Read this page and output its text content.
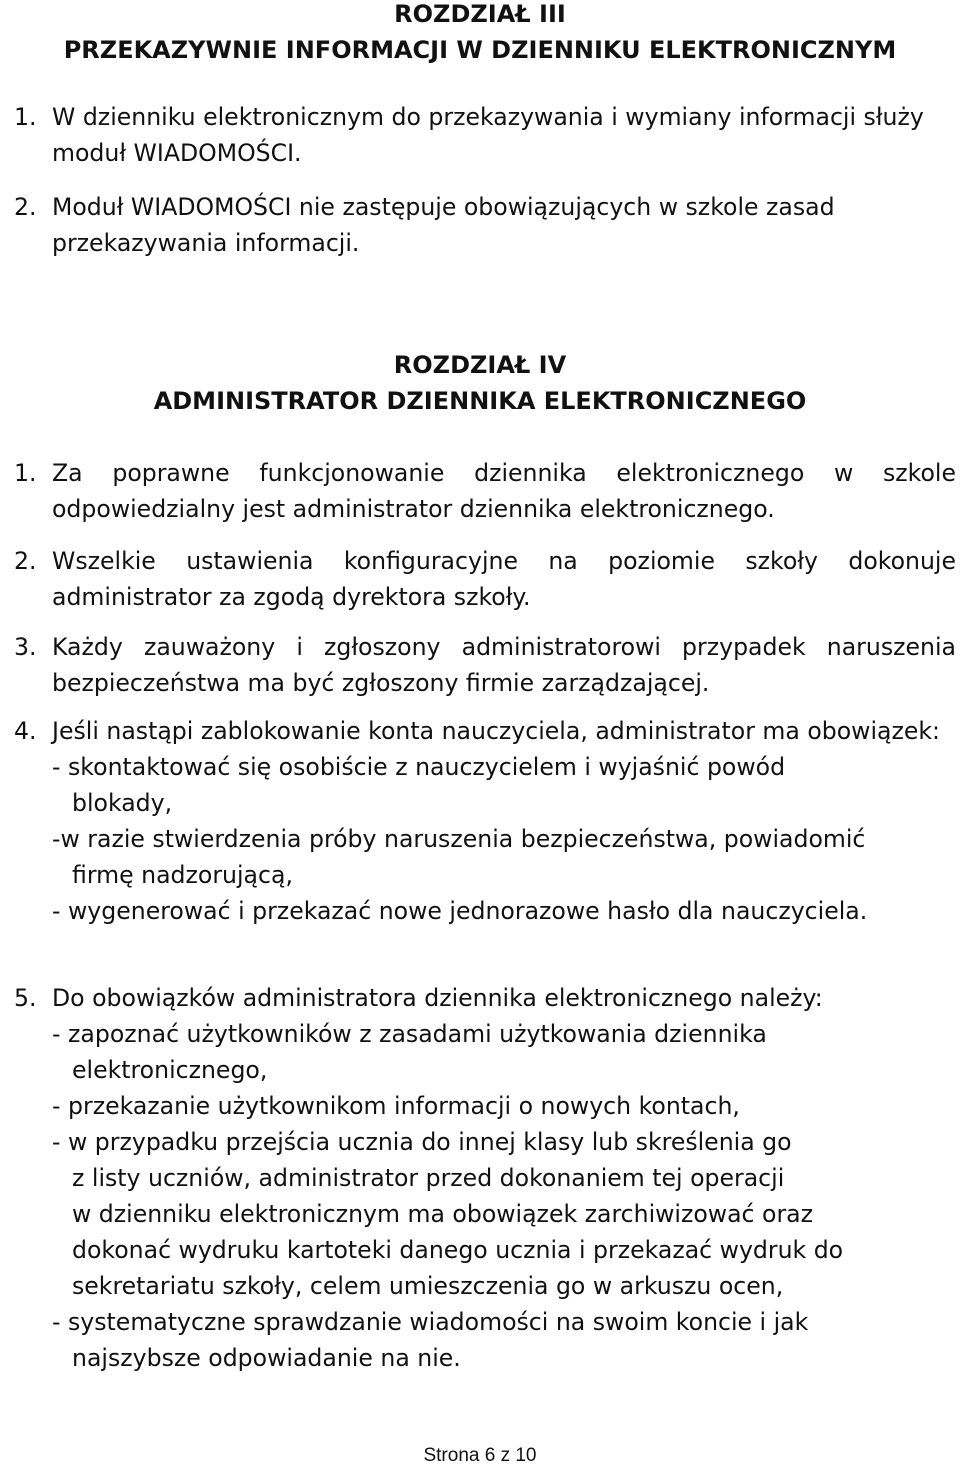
ROZDZIAŁ III
PRZEKAZYWNIE INFORMACJI W DZIENNIKU ELEKTRONICZNYM
1. W dzienniku elektronicznym do przekazywania i wymiany informacji służy moduł WIADOMOŚCI.
2. Moduł WIADOMOŚCI nie zastępuje obowiązujących w szkole zasad przekazywania informacji.
ROZDZIAŁ IV
ADMINISTRATOR DZIENNIKA ELEKTRONICZNEGO
1. Za poprawne funkcjonowanie dziennika elektronicznego w szkole odpowiedzialny jest administrator dziennika elektronicznego.
2. Wszelkie ustawienia konfiguracyjne na poziomie szkoły dokonuje administrator za zgodą dyrektora szkoły.
3. Każdy zauważony i zgłoszony administratorowi przypadek naruszenia bezpieczeństwa ma być zgłoszony firmie zarządzającej.
4. Jeśli nastąpi zablokowanie konta nauczyciela, administrator ma obowiązek:
- skontaktować się osobiście z nauczycielem i wyjaśnić powód
blokady,
-w razie stwierdzenia próby naruszenia bezpieczeństwa, powiadomić
firmę nadzorującą,
- wygenerować i przekazać nowe jednorazowe hasło dla nauczyciela.
5. Do obowiązków administratora dziennika elektronicznego należy:
- zapoznać użytkowników z zasadami użytkowania dziennika
elektronicznego,
- przekazanie użytkownikom informacji o nowych kontach,
- w przypadku przejścia ucznia do innej klasy lub skreślenia go
z listy uczniów, administrator przed dokonaniem tej operacji
w dzienniku elektronicznym ma obowiązek zarchiwizować oraz
dokonać wydruku kartoteki danego ucznia i przekazać wydruk do
sekretariatu szkoły, celem umieszczenia go w arkuszu ocen,
- systematyczne sprawdzanie wiadomości na swoim koncie i jak
najszybsze odpowiadanie na nie.
Strona 6 z 10
